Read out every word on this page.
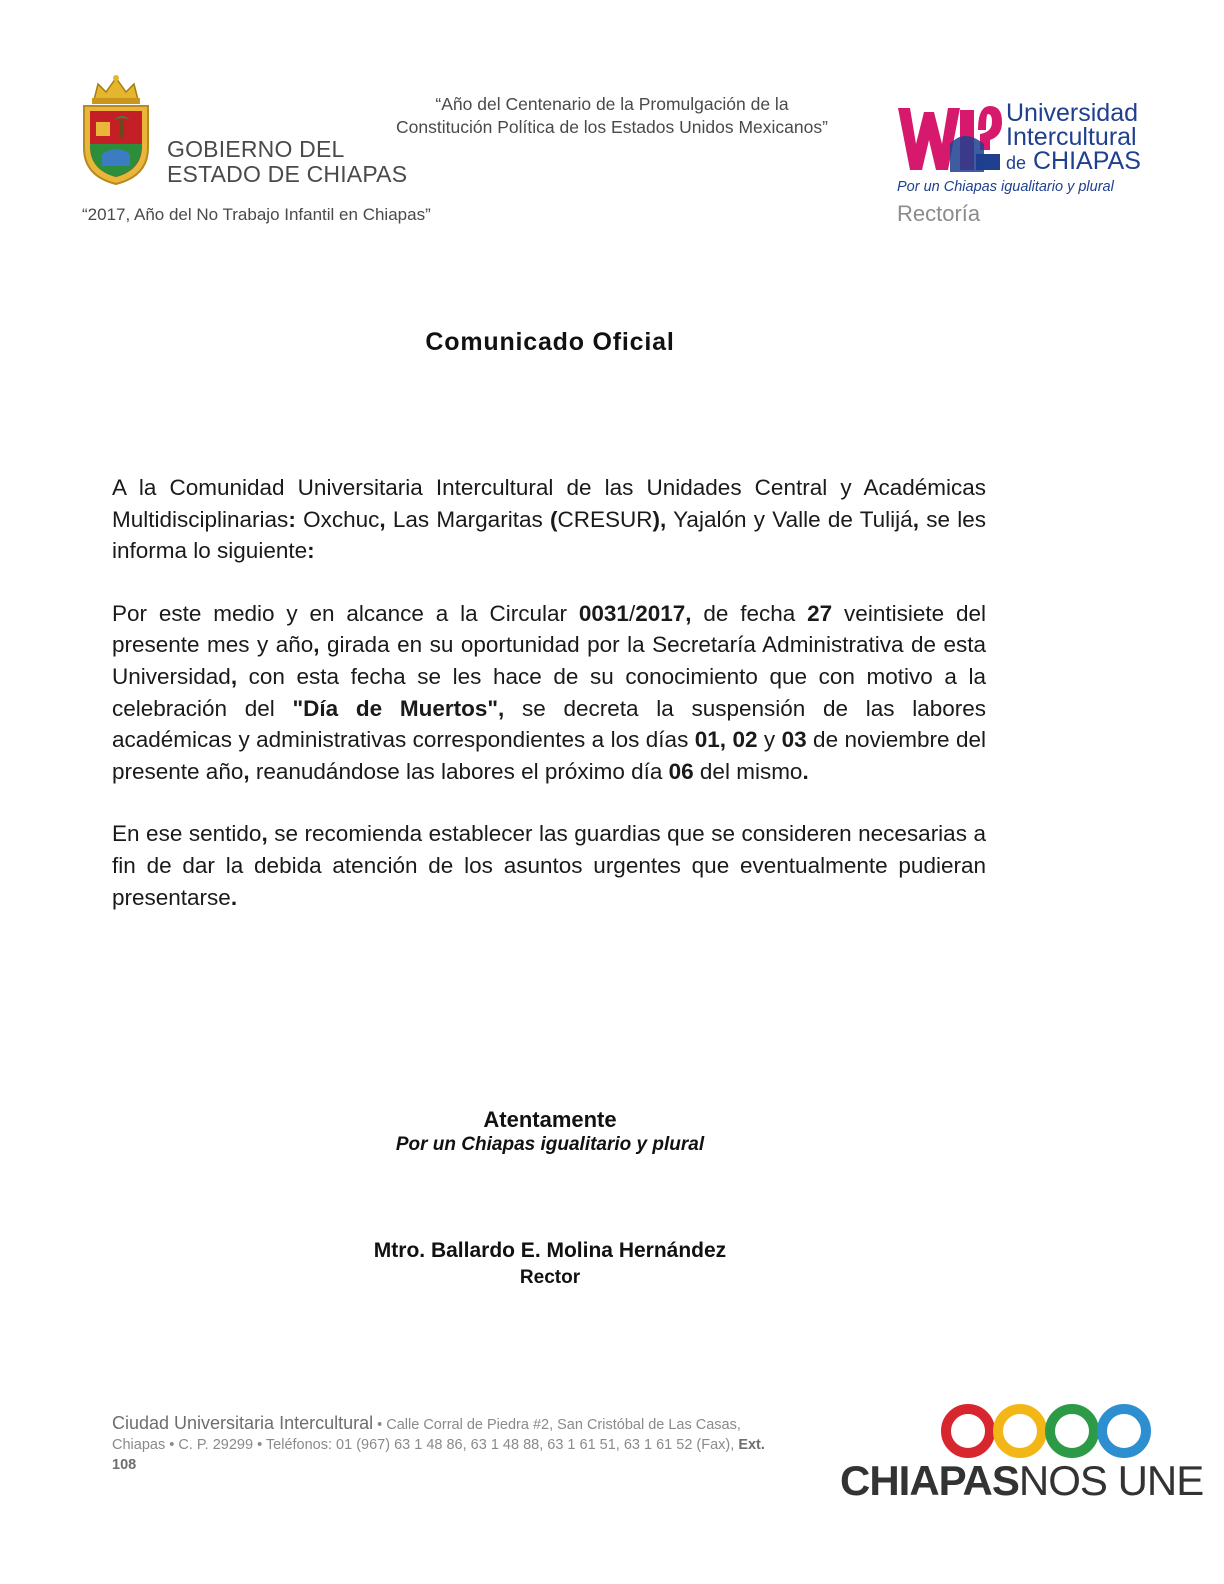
GOBIERNO DEL
ESTADO DE CHIAPAS
“Año del Centenario de la Promulgación de la
Constitución Política de los Estados Unidos Mexicanos”
“2017, Año del No Trabajo Infantil en Chiapas”
Universidad
Intercultural
de CHIAPAS
Por un Chiapas igualitario y plural
Rectoría
Comunicado Oficial

A la Comunidad Universitaria Intercultural de las Unidades Central y Académicas Multidisciplinarias: Oxchuc, Las Margaritas (CRESUR), Yajalón y Valle de Tulijá, se les informa lo siguiente:

Por este medio y en alcance a la Circular 0031/2017, de fecha 27 veintisiete del presente mes y año, girada en su oportunidad por la Secretaría Administrativa de esta Universidad, con esta fecha se les hace de su conocimiento que con motivo a la celebración del "Día de Muertos", se decreta la suspensión de las labores académicas y administrativas correspondientes a los días 01, 02 y 03 de noviembre del presente año, reanudándose las labores el próximo día 06 del mismo.

En ese sentido, se recomienda establecer las guardias que se consideren necesarias a fin de dar la debida atención de los asuntos urgentes que eventualmente pudieran presentarse.

Atentamente
Por un Chiapas igualitario y plural
Mtro. Ballardo E. Molina Hernández
Rector
Ciudad Universitaria Intercultural • Calle Corral de Piedra #2, San Cristóbal de Las Casas, Chiapas • C. P. 29299 • Teléfonos: 01 (967) 63 1 48 86, 63 1 48 88, 63 1 61 51, 63 1 61 52 (Fax), Ext. 108	CHIAPASNOS UNE
